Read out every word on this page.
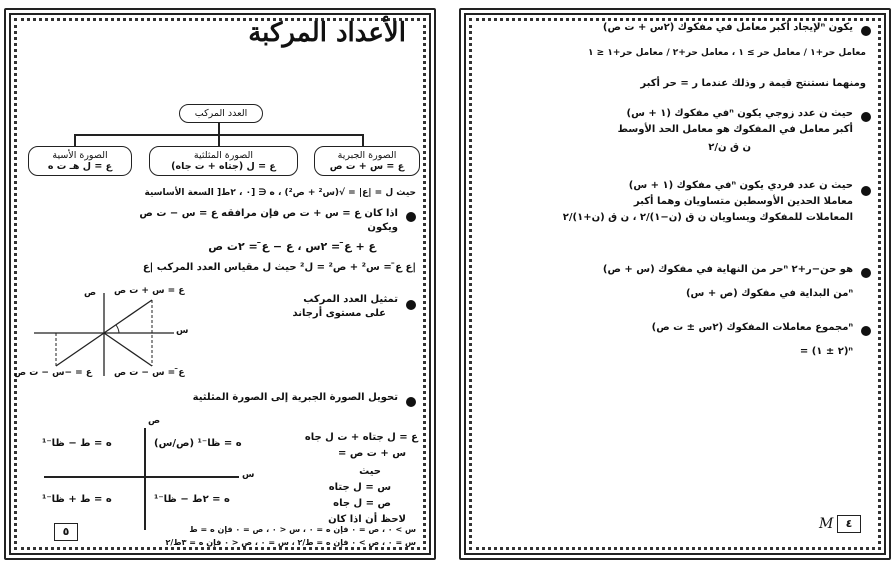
الأعداد المركبة
العدد المركب
الصورة الجبرية
ع = س + ت ص
الصورة المثلثية
ع = ل (جتاه + ت جاه)
الصورة الأسية
ع = ل هـ ت ه
حيث ل = |ع| = √(س² + ص²) ، ه ∈ [٠ ، ٢ط[ السعة الأساسية
اذا كان ع = س + ت ص فإن مرافقه ع = س − ت ص
ويكون
ع + ع̄ = ٢س ، ع − ع̄ = ٢ت ص
ع ع̄ = س² + ص² = ل² حيث ل مقياس العدد المركب |ع|
تمثيل العدد المركب
على مستوى أرجاند
ع = س + ت ص
ع̄ = س − ت ص
ص
س
ع = −س − ت ص
تحويل الصورة الجبرية إلى الصورة المثلثية
ع = ل جتاه + ت ل جاه
= س + ت ص
حيث
س = ل جتاه
ص = ل جاه
لاحظ أن اذا كان
س
ص
ه = ظا⁻¹ (ص/س)
ه = ط − ظا⁻¹
ه = ط + ظا⁻¹	ه = ٢ط − ظا⁻¹
س > ٠ ، ص = ٠ فإن ه = ٠ ، س < ٠ ، ص = ٠ فإن ه = ط
س = ٠ ، ص > ٠ فإن ه = ط/٢ ، س = ٠ ، ص < ٠ فإن ه = ٣ط/٢
٥
لإيجاد أكبر معامل في مفكوك (٢س + ت ص)ⁿ يكون
معامل حر+١ / معامل حر ≥ ١ ، معامل حر+٢ / معامل حر+١ ≤ ١
ومنهما نستنتج قيمة ر وذلك عندما ر = حر أكبر
في مفكوك (١ + س)ⁿ حيث ن عدد زوجي يكون
أكبر معامل في المفكوك هو معامل الحد الأوسط
ن ق ن/٢
في مفكوك (١ + س)ⁿ حيث ن عدد فردي يكون
معاملا الحدين الأوسطين متساويان وهما أكبر
المعاملات للمفكوك ويساويان ن ق (ن−١)/٢ ، ن ق (ن+١)/٢
حر من النهاية في مفكوك (س + ص)ⁿ هو حن−ر+٢
من البداية في مفكوك (ص + س)ⁿ
مجموع معاملات المفكوك (٢س ± ت ص)ⁿ
= (٢ ± ١)ⁿ
٤
M
